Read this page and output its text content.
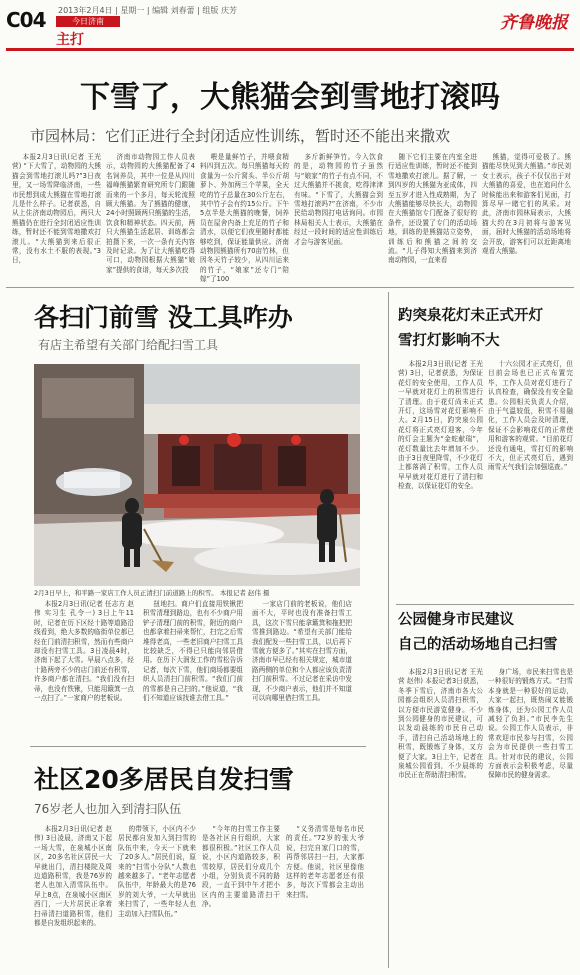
C04 2013年2月4日 | 星期一 | 编辑 刘春蕾 | 组版 庆芳
今日济南
主打
齐鲁晚报
下雪了，大熊猫会到雪地打滚吗
市园林局：它们正进行全封闭适应性训练，暂时还不能出来撒欢

本报2月3日讯(记者 王光营) “下大雪了，动物园的大熊猫会到雪地打滚儿吗?”3日夜里，又一场雪降临济南，一些市民想到成大熊猫在雪地打滚儿是什么样子。记者获悉，自从上住济南动物园后，两只大熊猫仍在进行全封闭适应性训练，暂时还不能到雪地撒欢打滚儿。“大熊猫到来后很正常，没有水土不服的表现。”3日，

济南市动物园工作人员表示，动物园的大熊猫配备了4名饲养员，其中一位是从四川福峰熊猫繁育研究所专门跟随而来的一个多月，每天轮流照顾大熊猫。为了熊猫的健康，24小时照顾两只熊猫的生活，饮食和精神状态。四天前，两只大熊猫生活起居、训练都会拍摄下来，一次一条有关内容及时记录。为了让大熊猫吃得可口，动物园根据大熊猫“娘家”提供的食谱，每天多次投

喂是量鲜竹子，并喂食精料四到五次。每只熊猫每天的食量为一公斤窝头、半公斤胡萝卜、外加两三个苹果，全天吃的竹子总量在30公斤左右，其中竹子会有约15公斤。下午5点半是大熊猫的晚餐，饲养员在屋舍内备上充足的竹子和清水，以便它们夜里随时都能够吃到，保证能量供应。济南动物园熊猫所有70亩竹林，但因冬天竹子较少，从四川运来的竹子，“娘家”还专门“陪嫁”了100

多斤新鲜笋竹。今入饮食的是，动物园的竹子虽然与“娘家”的竹子有点不同，不过大熊猫并不挑食，吃得津津有味。“下雪了，大熊猫会到雪地打滚吗?”在济南，不少市民给动物园打电话询问。市园林局相关人士表示，大熊猫在经过一段时间的适应性训练后才会与游客见面。

随下它们主要在内室全进行适应性训练，暂时还不能到雪地撒欢打滚儿。据了解，一到四岁的大熊猫为亚成体，四至五岁才进入性成熟期，为了大熊猫能够尽快长大，动物园在大熊猫馆专门配备了很好的条件，还设置了专门的活动场地，训练的是熊猫站立姿势，训练后和熊猫之间的交流。“儿子得知大熊猫来到济南动物园，一直来看

熊猫，觉得可爱极了。熊猫能尽快见到大熊猫。”市民刘女士表示，孩子不仅仅出于对大熊猫的喜爱，也在追问什么时候能出来和游客们见面，打算尽早一睹它们的风采。对此，济南市园林局表示，大熊猫大约在3月初将与游客见面，届时大熊猫的活动场地将会开放，游客们可以近距离地观看大熊猫。

各扫门前雪 没工具咋办
有店主希望有关部门给配扫雪工具
2月3日早上，和平路一家店工作人员正清扫门前道路上的积雪。 本报记者 赵伟 摄

本报2月3日讯(记者 任志方 赵伟 实习生 孔令一) 3日上午11时，记者在历下区经十路等道路沿线看到，绝大多数的临街单位都已经在门前清扫积雪，然而有些商户却没有扫雪工具。3日凌晨4时，济南下起了大雪。早晨八点多，经十路两旁不少的店门前还有积雪，许多商户都在清扫。“我们没有扫帚，也没有铁锹，只能用簸箕一点一点扫了。”一家商户的老板说。

扭地扫。商户们直接用铁锹把积雪清理到路边，也有不少商户用铲子清理门前的积雪，附近的商户也都拿着扫帚来帮忙，扫完之后雪堆得老高，一些老旧商户扫雪工具比较缺乏，不得已只能向邻居借用。在历下大润发工作的雪松告诉记者，每次下雪，他们商场都要组织人员清扫门前积雪。“我们门前的雪都是自己扫的。”他说道，“我们不知道应该找谁去借工具。”

一家店门前的老板说，他们店面不大，平时也没有准备扫雪工具，这次下雪只能拿簸箕和拖把把雪推到路边。“希望有关部门能给我们配发一些扫雪工具，以后再下雪就方便多了。”其实在扫雪方面，济南市早已经有相关规定，城市道路两侧的单位和个人都应该负责清扫门前积雪。不过记者在采访中发现，不少商户表示，他们并不知道可以向哪里借扫雪工具。

社区20多居民自发扫雪
76岁老人也加入到清扫队伍

本报2月3日讯(记者 赵伟) 3日凌晨，济南又下起一场大雪，在泉城小区南区，20多名社区居民一大早就出门，清扫楼院及周边道路积雪，我是76岁的老人也加入清雪队伍中。早上8点，在泉城小区南区西门，一大片居民正拿着扫帚清扫道路积雪，他们都是自发组织起来的。

的带领下，小区内不少居民都自发加入到扫雪的队伍中来，今天一下就来了20多人。”居民们说，原来的“扫雪小分队”人数也越来越多了。“老年志愿者队伍中，年龄最大的是76岁的刘大爷，一大早就出来扫雪了，一些年轻人也主动加入扫雪队伍。”

“今年的扫雪工作主要是各社区自行组织，大家都很积极。”社区工作人员说，小区内道路较多，积雪较厚，居民们分成几个小组，分别负责不同的路段，一直干到中午才把小区内的主要道路清扫干净。

“义务清雪是每名市民的责任。”72岁的张大爷说，扫完自家门口的雪，再帮邻居扫一扫，大家都方便。他说，社区里像他这样的老年志愿者还有很多，每次下雪都会主动出来扫雪。

趵突泉花灯未正式开灯
雪打灯影响不大

本报2月3日讯(记者 王光营) 3日，记者获悉，为保证花灯的安全使用，工作人员一早就对花灯上的积雪进行了清理。由于花灯尚未正式开灯，这场雪对花灯影响不大。2月15日，趵突泉公园花灯将正式亮灯迎客，今年的灯会主题为“金蛇献瑞”，花灯数量比去年增加不少。由于3日夜里降雪，不少花灯上都落满了积雪，工作人员早早就对花灯进行了清扫和检查，以保证花灯的安全。

十六公园才正式亮灯，但目前会场也已正式布置完毕，工作人员对花灯进行了认真检查，确保没有安全隐患。公园相关负责人介绍，由于气温较低，积雪不易融化，工作人员会及时清理，保证不会影响花灯的正常使用和游客的观赏。“目前花灯还没有通电，雪打灯的影响不大，但正式亮灯后，遇到雨雪天气我们会加强巡查。”

公园健身市民建议
自己的活动场地自己扫雪

本报2月3日讯(记者 王光营 赵伟) 本报记者3日获悉，冬季下雪后，济南市各大公园都会组织人员清扫积雪，以方便市民游览健身。不少到公园健身的市民建议，可以发动晨练的市民自己动手，清扫自己活动场地上的积雪，既锻炼了身体，又方便了大家。3日上午，记者在泉城公园看到，不少晨练的市民正在帮助清扫积雪。

身广场，市民来扫雪也是一种很好的锻炼方式。“扫雪本身就是一种很好的运动，大家一起扫，既热闹又能锻炼身体，还为公园工作人员减轻了负担。”市民李先生说。公园工作人员表示，非常欢迎市民参与扫雪，公园会为市民提供一些扫雪工具。针对市民的建议，公园方面表示会积极考虑，尽量保障市民的健身需求。
